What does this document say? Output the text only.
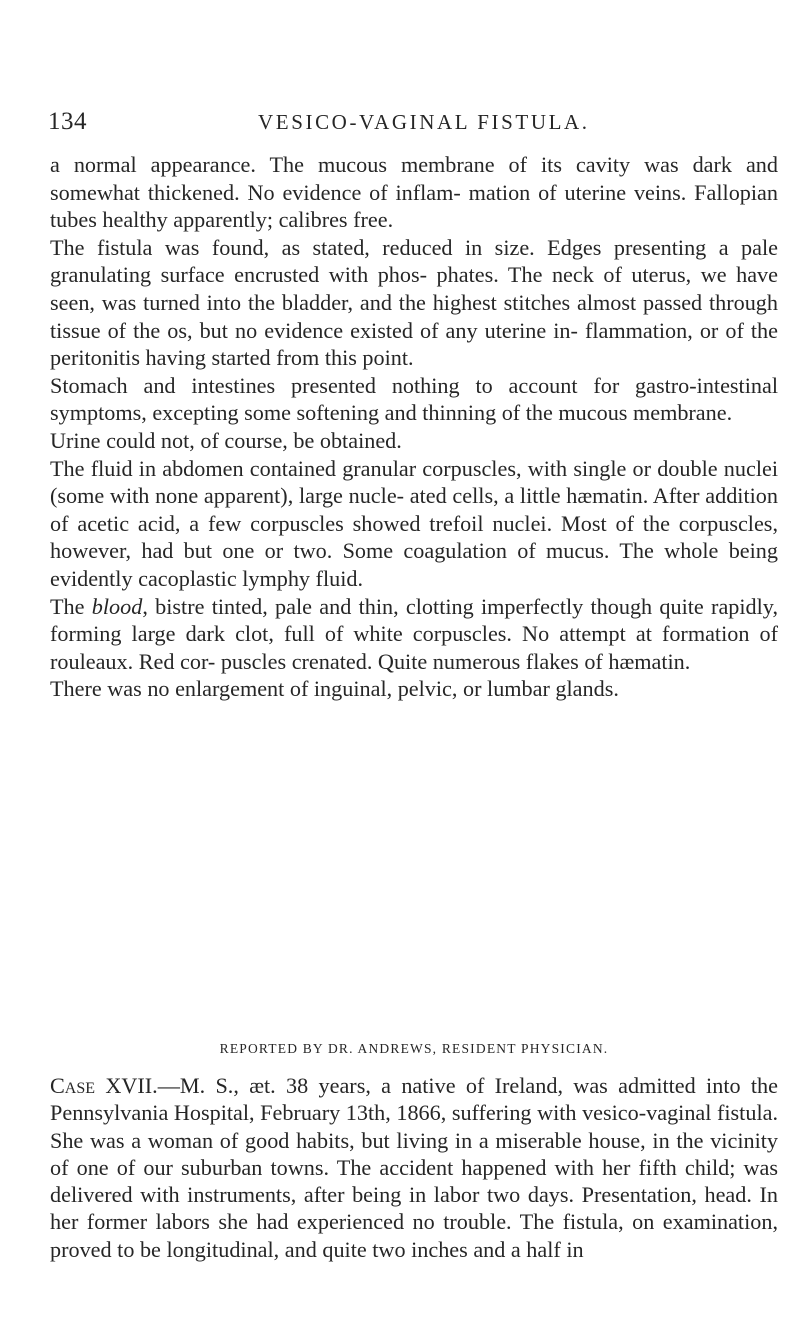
134	VESICO-VAGINAL FISTULA.

a normal appearance. The mucous membrane of its cavity was dark and somewhat thickened. No evidence of inflam- mation of uterine veins. Fallopian tubes healthy apparently; calibres free.

The fistula was found, as stated, reduced in size. Edges presenting a pale granulating surface encrusted with phos- phates. The neck of uterus, we have seen, was turned into the bladder, and the highest stitches almost passed through tissue of the os, but no evidence existed of any uterine in- flammation, or of the peritonitis having started from this point.

Stomach and intestines presented nothing to account for gastro-intestinal symptoms, excepting some softening and thinning of the mucous membrane.

Urine could not, of course, be obtained.

The fluid in abdomen contained granular corpuscles, with single or double nuclei (some with none apparent), large nucle- ated cells, a little hæmatin. After addition of acetic acid, a few corpuscles showed trefoil nuclei. Most of the corpuscles, however, had but one or two. Some coagulation of mucus. The whole being evidently cacoplastic lymphy fluid.

The blood, bistre tinted, pale and thin, clotting imperfectly though quite rapidly, forming large dark clot, full of white corpuscles. No attempt at formation of rouleaux. Red cor- puscles crenated. Quite numerous flakes of hæmatin.

There was no enlargement of inguinal, pelvic, or lumbar glands.

REPORTED BY DR. ANDREWS, RESIDENT PHYSICIAN.

Case XVII.—M. S., æt. 38 years, a native of Ireland, was admitted into the Pennsylvania Hospital, February 13th, 1866, suffering with vesico-vaginal fistula. She was a woman of good habits, but living in a miserable house, in the vicinity of one of our suburban towns. The accident happened with her fifth child; was delivered with instruments, after being in labor two days. Presentation, head. In her former labors she had experienced no trouble. The fistula, on examination, proved to be longitudinal, and quite two inches and a half in
